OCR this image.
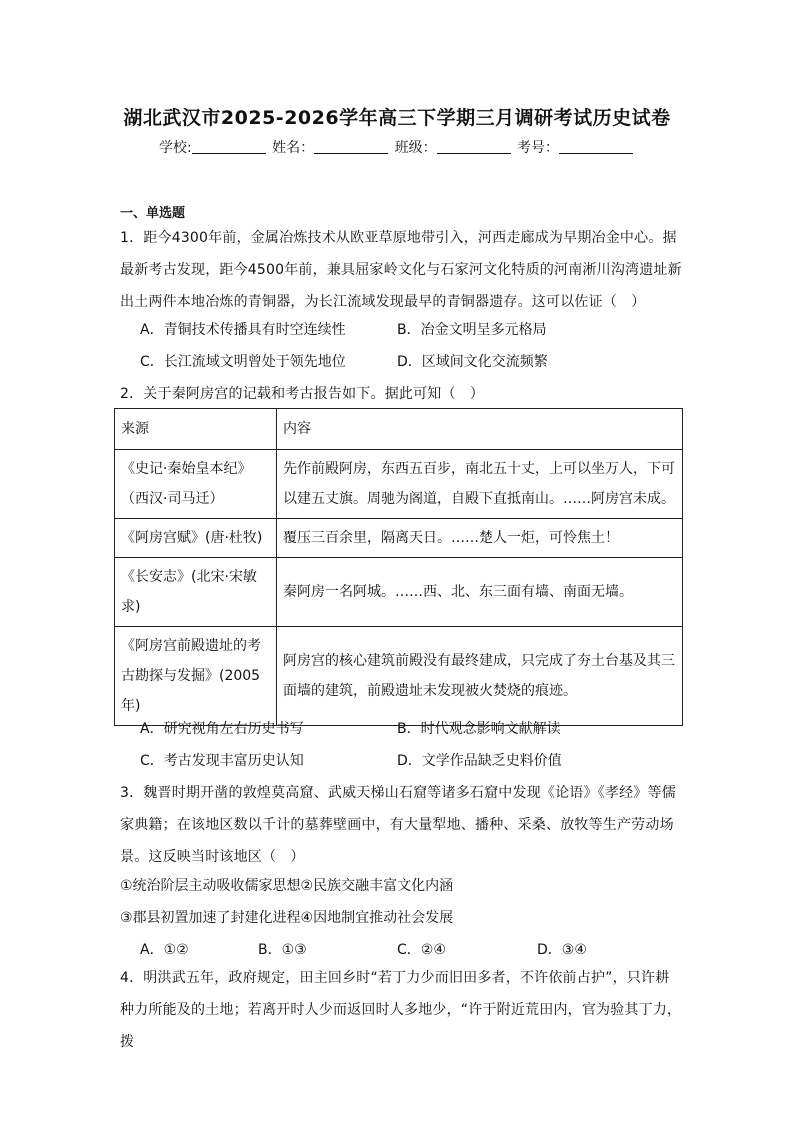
湖北武汉市2025-2026学年高三下学期三月调研考试历史试卷
学校:	姓名：	班级：	考号：
一、单选题
1．距今4300年前，金属冶炼技术从欧亚草原地带引入，河西走廊成为早期冶金中心。据最新考古发现，距今4500年前，兼具屈家岭文化与石家河文化特质的河南淅川沟湾遗址新出土两件本地冶炼的青铜器，为长江流域发现最早的青铜器遗存。这可以佐证（　）
A．青铜技术传播具有时空连续性	B．冶金文明呈多元格局
C．长江流域文明曾处于领先地位	D．区域间文化交流频繁
2．关于秦阿房宫的记载和考古报告如下。据此可知（　）
来源	内容
《史记·秦始皇本纪》（西汉·司马迁）	先作前殿阿房，东西五百步，南北五十丈，上可以坐万人，下可以建五丈旗。周驰为阁道，自殿下直抵南山。……阿房宫未成。
《阿房宫赋》(唐·杜牧)	覆压三百余里，隔离天日。……楚人一炬，可怜焦土！
《长安志》(北宋·宋敏求)	秦阿房一名阿城。……西、北、东三面有墙、南面无墙。
《阿房宫前殿遗址的考古勘探与发掘》(2005年)	阿房宫的核心建筑前殿没有最终建成，只完成了夯土台基及其三面墙的建筑，前殿遗址未发现被火焚烧的痕迹。
A．研究视角左右历史书写	B．时代观念影响文献解读
C．考古发现丰富历史认知	D．文学作品缺乏史料价值
3．魏晋时期开凿的敦煌莫高窟、武威天梯山石窟等诸多石窟中发现《论语》《孝经》等儒家典籍；在该地区数以千计的墓葬壁画中，有大量犁地、播种、采桑、放牧等生产劳动场景。这反映当时该地区（　）
①统治阶层主动吸收儒家思想②民族交融丰富文化内涵
③郡县初置加速了封建化进程④因地制宜推动社会发展
A．①②	B．①③	C．②④	D．③④
4．明洪武五年，政府规定，田主回乡时“若丁力少而旧田多者，不许依前占护”，只许耕种力所能及的土地；若离开时人少而返回时人多地少，“许于附近荒田内，官为验其丁力，拨
